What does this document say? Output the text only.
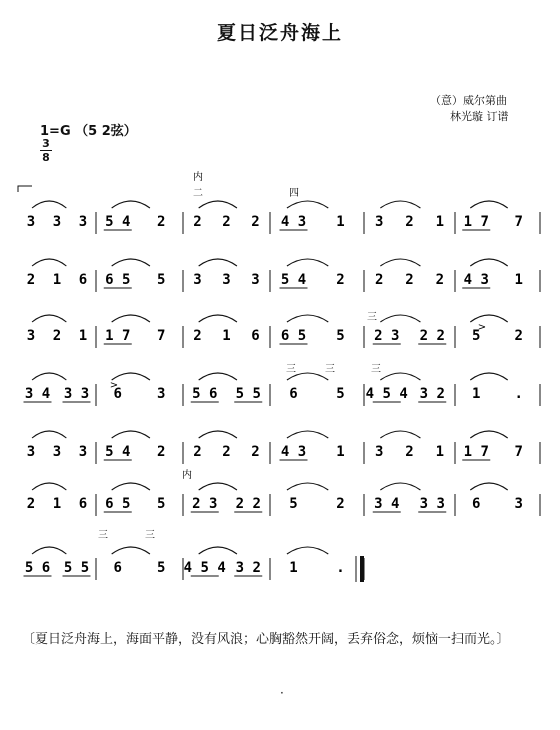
夏日泛舟海上
（意）威尔第曲
林光璇 订谱
1=G （5 2弦）
3
8
3 3 3 5 4 2 2 2 2 4 3 1 3 2 1 1 7 7
2 1 6 6 5 5 3 3 3 5 4 2 2 2 2 4 3 1
3 2 1 1 7 7 2 1 6 6 5 5 2 3 2 2 5 2
3 4 3 3 6	3 5 6 5 5 6	5 4 5 4 3 2 1 .
3 3 3 5 4 2 2 2 2 4 3 1 3 2 1 1 7 7
2 1 6 6 5 5 2 3 2 2 5	2 3 4 3 3 6 3
5 6 5 5 6	5 4 5 4 3 2 1	.
内
二	四
三
三	三	三
内
三	三
>
>
〔夏日泛舟海上，海面平静，没有风浪；心胸豁然开阔，丢弃俗念，烦恼一扫而光。〕
·
